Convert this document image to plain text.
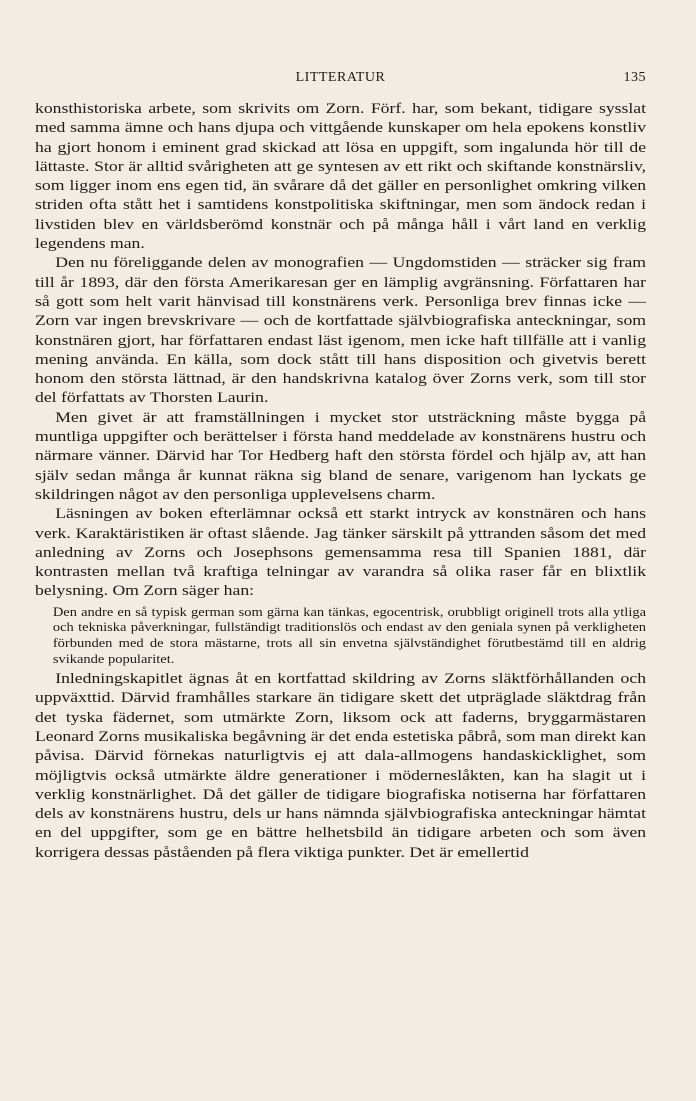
LITTERATUR	135

konsthistoriska arbete, som skrivits om Zorn. Förf. har, som bekant, tidigare sysslat med samma ämne och hans djupa och vittgående kunskaper om hela epokens konstliv ha gjort honom i eminent grad skickad att lösa en uppgift, som ingalunda hör till de lättaste. Stor är alltid svårigheten att ge syntesen av ett rikt och skiftande konstnärsliv, som ligger inom ens egen tid, än svårare då det gäller en personlighet omkring vilken striden ofta stått het i samtidens konstpolitiska skiftningar, men som ändock redan i livstiden blev en världsberömd konstnär och på många håll i vårt land en verklig legendens man.

Den nu föreliggande delen av monografien — Ungdomstiden — sträcker sig fram till år 1893, där den första Amerikaresan ger en lämplig avgränsning. Författaren har så gott som helt varit hänvisad till konstnärens verk. Personliga brev finnas icke — Zorn var ingen brevskrivare — och de kortfattade självbiografiska anteckningar, som konstnären gjort, har författaren endast läst igenom, men icke haft tillfälle att i vanlig mening använda. En källa, som dock stått till hans disposition och givetvis berett honom den största lättnad, är den handskrivna katalog över Zorns verk, som till stor del författats av Thorsten Laurin.

Men givet är att framställningen i mycket stor utsträckning måste bygga på muntliga uppgifter och berättelser i första hand meddelade av konstnärens hustru och närmare vänner. Därvid har Tor Hedberg haft den största fördel och hjälp av, att han själv sedan många år kunnat räkna sig bland de senare, varigenom han lyckats ge skildringen något av den personliga upplevelsens charm.

Läsningen av boken efterlämnar också ett starkt intryck av konstnären och hans verk. Karaktäristiken är oftast slående. Jag tänker särskilt på yttranden såsom det med anledning av Zorns och Josephsons gemensamma resa till Spanien 1881, där kontrasten mellan två kraftiga telningar av varandra så olika raser får en blixtlik belysning. Om Zorn säger han:

Den andre en så typisk german som gärna kan tänkas, egocentrisk, orubbligt originell trots alla ytliga och tekniska påverkningar, fullständigt traditionslös och endast av den geniala synen på verkligheten förbunden med de stora mästarne, trots all sin envetna självständighet förutbestämd till en aldrig svikande popularitet.

Inledningskapitlet ägnas åt en kortfattad skildring av Zorns släktförhållanden och uppväxttid. Därvid framhålles starkare än tidigare skett det utpräglade släktdrag från det tyska fädernet, som utmärkte Zorn, liksom ock att faderns, bryggarmästaren Leonard Zorns musikaliska begåvning är det enda estetiska påbrå, som man direkt kan påvisa. Därvid förnekas naturligtvis ej att dala-allmogens handaskicklighet, som möjligtvis också utmärkte äldre generationer i möderneslåkten, kan ha slagit ut i verklig konstnärlighet. Då det gäller de tidigare biografiska notiserna har författaren dels av konstnärens hustru, dels ur hans nämnda självbiografiska anteckningar hämtat en del uppgifter, som ge en bättre helhetsbild än tidigare arbeten och som även korrigera dessas påståenden på flera viktiga punkter. Det är emellertid
